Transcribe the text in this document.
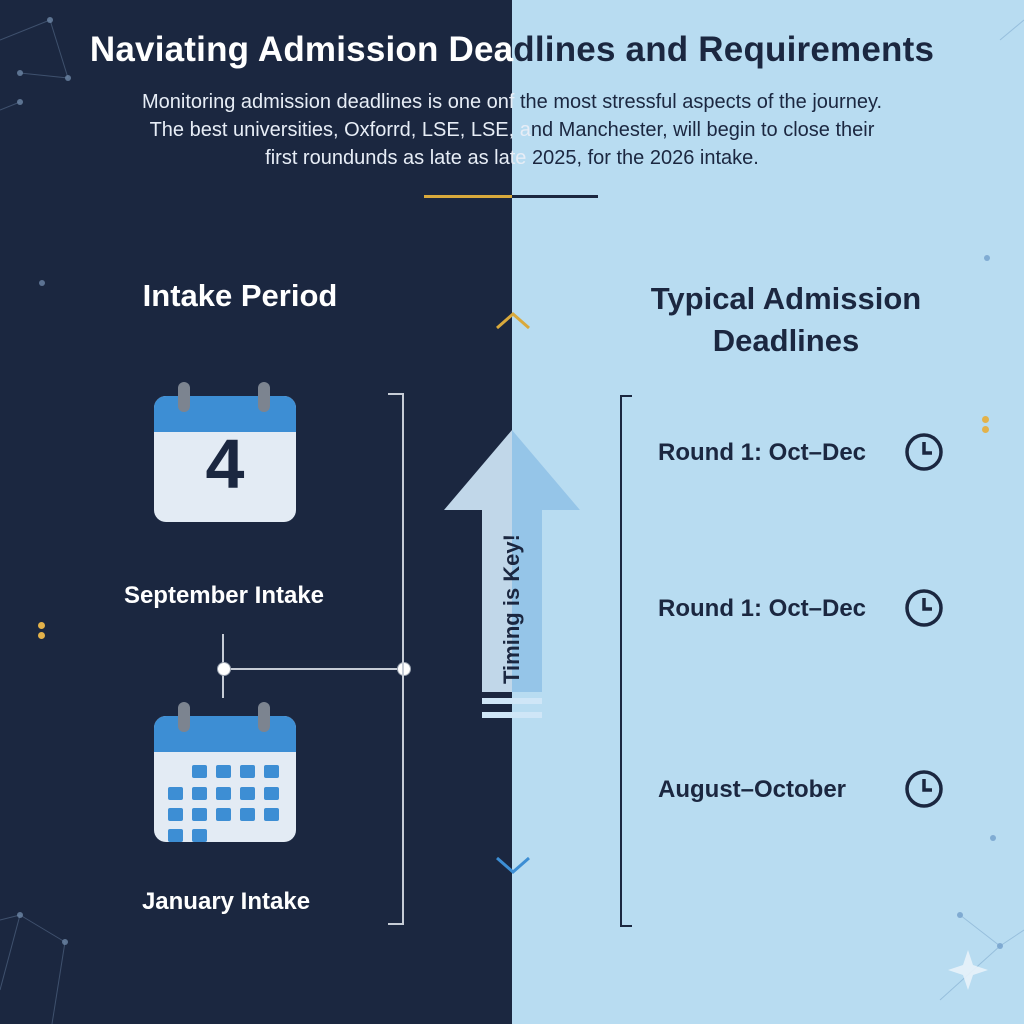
Naviating Admission Deadlines and Requirements
Monitoring admission deadlines is one onf the most stressful aspects of the journey.
The best universities, Oxforrd, LSE, LSE, and Manchester, will begin to close their
first roundunds as late as late 2025, for the 2026 intake.
Intake Period	Typical Admission
Deadlines
4
September Intake
January Intake
Timing is Key!
Round 1: Oct–Dec
Round 1: Oct–Dec
August–October
